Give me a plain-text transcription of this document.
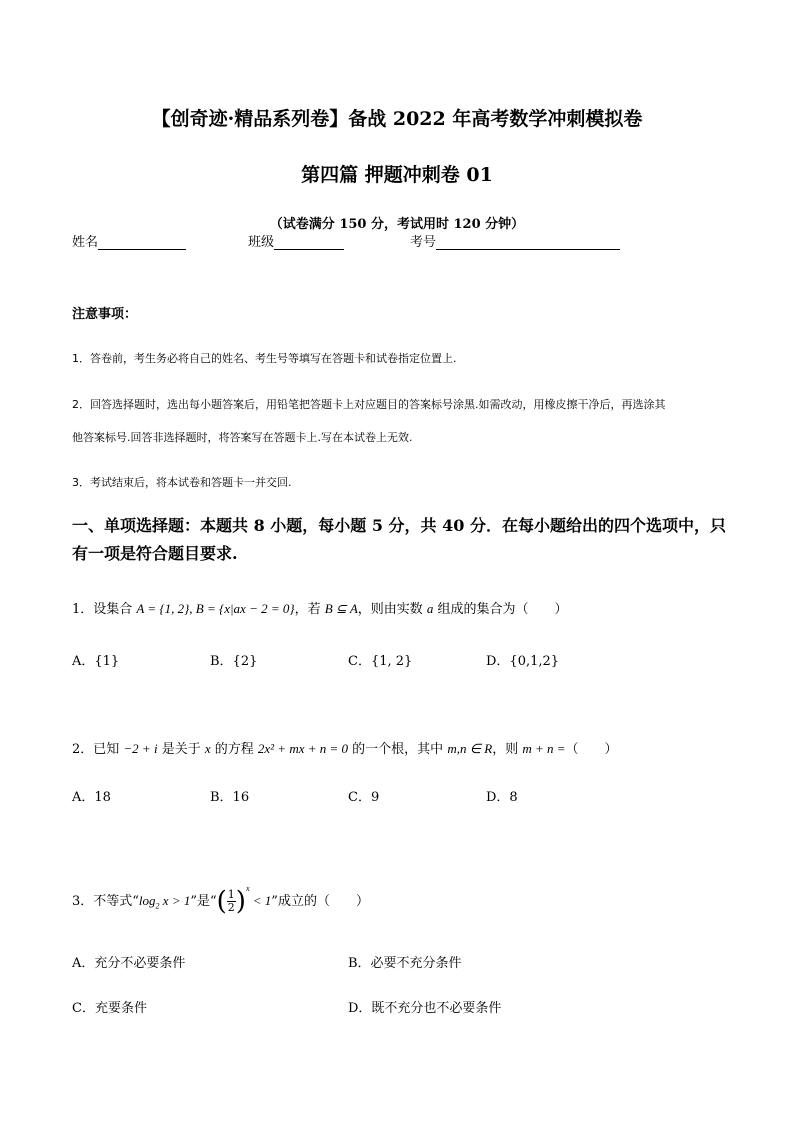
【创奇迹·精品系列卷】备战 2022 年高考数学冲刺模拟卷
第四篇 押题冲刺卷 01
（试卷满分 150 分，考试用时 120 分钟）
姓名	班级	考号
注意事项：
1．答卷前，考生务必将自己的姓名、考生号等填写在答题卡和试卷指定位置上.
2．回答选择题时，选出每小题答案后，用铅笔把答题卡上对应题目的答案标号涂黑.如需改动，用橡皮擦干净后，再选涂其
他答案标号.回答非选择题时，将答案写在答题卡上.写在本试卷上无效.
3．考试结束后，将本试卷和答题卡一并交回.
一、单项选择题：本题共 8 小题，每小题 5 分，共 40 分．在每小题给出的四个选项中，只有一项是符合题目要求.
1．设集合 A = {1, 2}, B = {x|ax − 2 = 0}，若 B ⊆ A，则由实数 a 组成的集合为（　　）
A．{1}	B．{2}	C．{1, 2}	D．{0,1,2}
2．已知 −2 + i 是关于 x 的方程 2x² + mx + n = 0 的一个根，其中 m,n ∈ R，则 m + n =（　　）
A．18	B．16	C．9	D．8
3．不等式“$\log_2$ x > 1”是“( $\frac{1}{2} )^x < 1$”成立的（　　）
A．充分不必要条件	B．必要不充分条件
C．充要条件	D．既不充分也不必要条件
